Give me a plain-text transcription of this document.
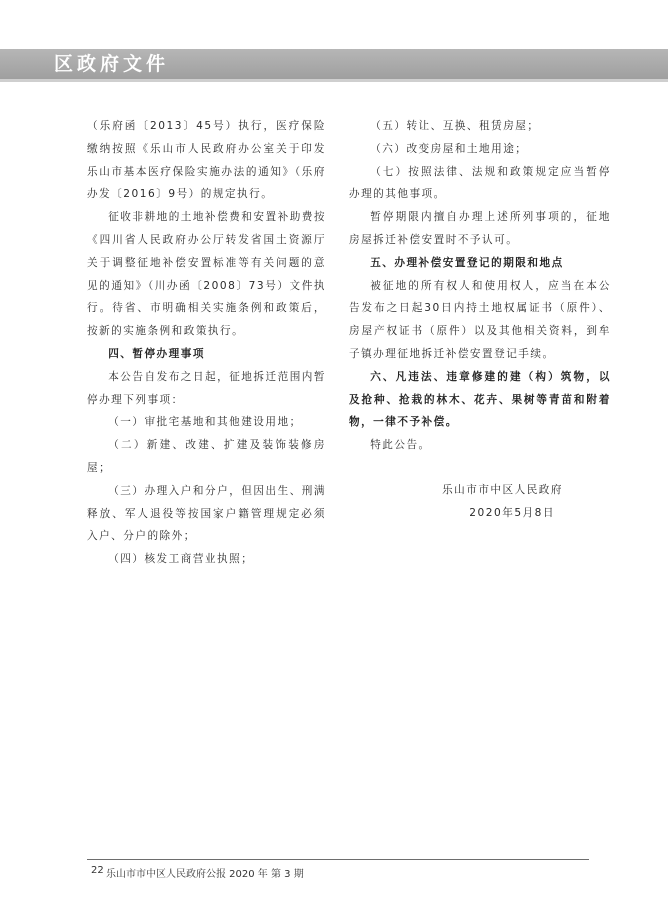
区政府文件

（乐府函〔2013〕45号）执行，医疗保险缴纳按照《乐山市人民政府办公室关于印发乐山市基本医疗保险实施办法的通知》（乐府办发〔2016〕9号）的规定执行。

征收非耕地的土地补偿费和安置补助费按《四川省人民政府办公厅转发省国土资源厅关于调整征地补偿安置标准等有关问题的意见的通知》（川办函〔2008〕73号）文件执行。待省、市明确相关实施条例和政策后，按新的实施条例和政策执行。

四、暂停办理事项

本公告自发布之日起，征地拆迁范围内暂停办理下列事项：

（一）审批宅基地和其他建设用地；

（二）新建、改建、扩建及装饰装修房屋；

（三）办理入户和分户，但因出生、刑满释放、军人退役等按国家户籍管理规定必须入户、分户的除外；

（四）核发工商营业执照；

（五）转让、互换、租赁房屋；

（六）改变房屋和土地用途；

（七）按照法律、法规和政策规定应当暂停办理的其他事项。

暂停期限内擅自办理上述所列事项的，征地房屋拆迁补偿安置时不予认可。

五、办理补偿安置登记的期限和地点

被征地的所有权人和使用权人，应当在本公告发布之日起30日内持土地权属证书（原件）、房屋产权证书（原件）以及其他相关资料，到牟子镇办理征地拆迁补偿安置登记手续。

六、凡违法、违章修建的建（构）筑物，以及抢种、抢栽的林木、花卉、果树等青苗和附着物，一律不予补偿。

特此公告。

乐山市市中区人民政府

2020年5月8日

22 乐山市市中区人民政府公报 2020 年 第 3 期
